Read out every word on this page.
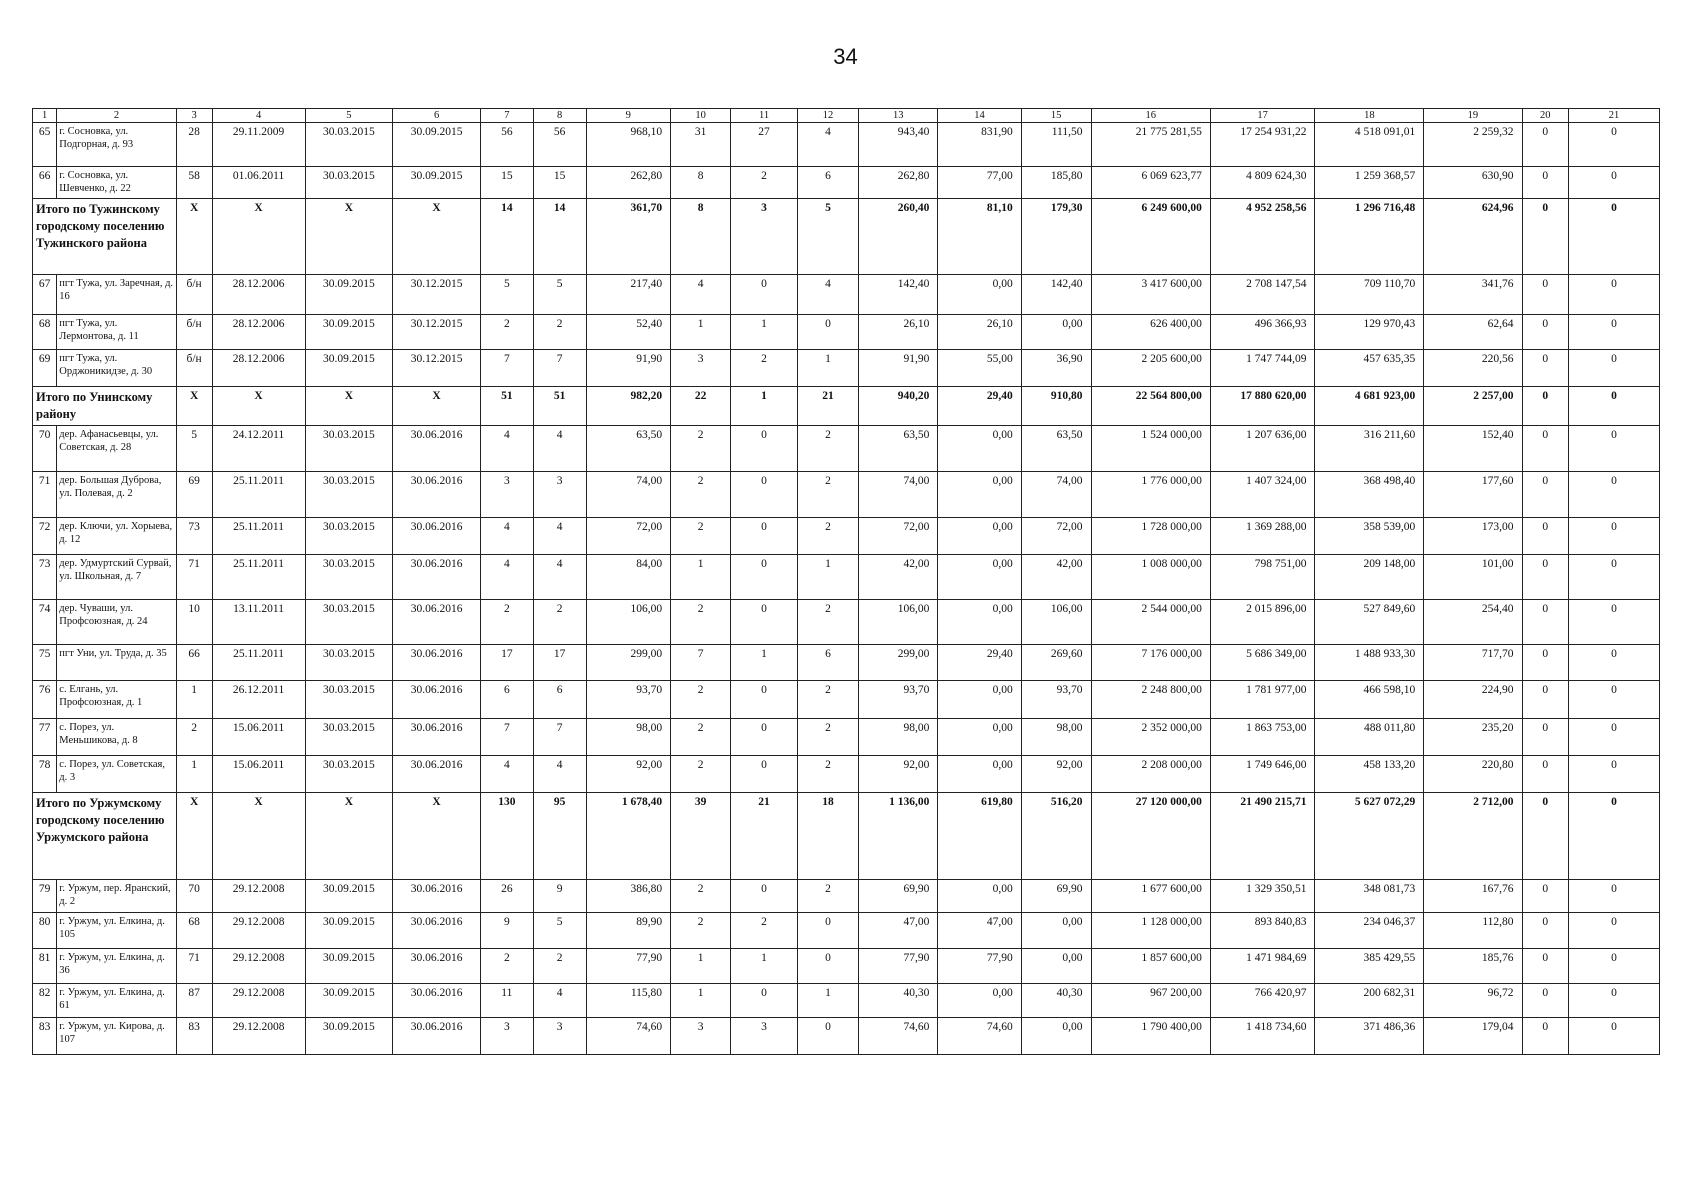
34
1	2	3	4	5	6	7	8	9	10	11	12	13	14	15	16	17	18	19	20	21
65	г. Сосновка, ул. Подгорная, д. 93	28	29.11.2009	30.03.2015	30.09.2015	56	56	968,10	31	27	4	943,40	831,90	111,50	21 775 281,55	17 254 931,22	4 518 091,01	2 259,32	0	0
66	г. Сосновка, ул. Шевченко, д. 22	58	01.06.2011	30.03.2015	30.09.2015	15	15	262,80	8	2	6	262,80	77,00	185,80	6 069 623,77	4 809 624,30	1 259 368,57	630,90	0	0
Итого по Тужинскому городскому поселению Тужинского района		X	X	X	X	14	14	361,70	8	3	5	260,40	81,10	179,30	6 249 600,00	4 952 258,56	1 296 716,48	624,96	0	0
67	пгт Тужа, ул. Заречная, д. 16	б/н	28.12.2006	30.09.2015	30.12.2015	5	5	217,40	4	0	4	142,40	0,00	142,40	3 417 600,00	2 708 147,54	709 110,70	341,76	0	0
68	пгт Тужа, ул. Лермонтова, д. 11	б/н	28.12.2006	30.09.2015	30.12.2015	2	2	52,40	1	1	0	26,10	26,10	0,00	626 400,00	496 366,93	129 970,43	62,64	0	0
69	пгт Тужа, ул. Орджоникидзе, д. 30	б/н	28.12.2006	30.09.2015	30.12.2015	7	7	91,90	3	2	1	91,90	55,00	36,90	2 205 600,00	1 747 744,09	457 635,35	220,56	0	0
Итого по Унинскому району		X	X	X	X	51	51	982,20	22	1	21	940,20	29,40	910,80	22 564 800,00	17 880 620,00	4 681 923,00	2 257,00	0	0
70	дер. Афанасьевцы, ул. Советская, д. 28	5	24.12.2011	30.03.2015	30.06.2016	4	4	63,50	2	0	2	63,50	0,00	63,50	1 524 000,00	1 207 636,00	316 211,60	152,40	0	0
71	дер. Большая Дуброва, ул. Полевая, д. 2	69	25.11.2011	30.03.2015	30.06.2016	3	3	74,00	2	0	2	74,00	0,00	74,00	1 776 000,00	1 407 324,00	368 498,40	177,60	0	0
72	дер. Ключи, ул. Хорыева, д. 12	73	25.11.2011	30.03.2015	30.06.2016	4	4	72,00	2	0	2	72,00	0,00	72,00	1 728 000,00	1 369 288,00	358 539,00	173,00	0	0
73	дер. Удмуртский Сурвай, ул. Школьная, д. 7	71	25.11.2011	30.03.2015	30.06.2016	4	4	84,00	1	0	1	42,00	0,00	42,00	1 008 000,00	798 751,00	209 148,00	101,00	0	0
74	дер. Чуваши, ул. Профсоюзная, д. 24	10	13.11.2011	30.03.2015	30.06.2016	2	2	106,00	2	0	2	106,00	0,00	106,00	2 544 000,00	2 015 896,00	527 849,60	254,40	0	0
75	пгт Уни, ул. Труда, д. 35	66	25.11.2011	30.03.2015	30.06.2016	17	17	299,00	7	1	6	299,00	29,40	269,60	7 176 000,00	5 686 349,00	1 488 933,30	717,70	0	0
76	с. Елгань, ул. Профсоюзная, д. 1	1	26.12.2011	30.03.2015	30.06.2016	6	6	93,70	2	0	2	93,70	0,00	93,70	2 248 800,00	1 781 977,00	466 598,10	224,90	0	0
77	с. Порез, ул. Меньшикова, д. 8	2	15.06.2011	30.03.2015	30.06.2016	7	7	98,00	2	0	2	98,00	0,00	98,00	2 352 000,00	1 863 753,00	488 011,80	235,20	0	0
78	с. Порез, ул. Советская, д. 3	1	15.06.2011	30.03.2015	30.06.2016	4	4	92,00	2	0	2	92,00	0,00	92,00	2 208 000,00	1 749 646,00	458 133,20	220,80	0	0
Итого по Уржумскому городскому поселению Уржумского района		X	X	X	X	130	95	1 678,40	39	21	18	1 136,00	619,80	516,20	27 120 000,00	21 490 215,71	5 627 072,29	2 712,00	0	0
79	г. Уржум, пер. Яранский, д. 2	70	29.12.2008	30.09.2015	30.06.2016	26	9	386,80	2	0	2	69,90	0,00	69,90	1 677 600,00	1 329 350,51	348 081,73	167,76	0	0
80	г. Уржум, ул. Елкина, д. 105	68	29.12.2008	30.09.2015	30.06.2016	9	5	89,90	2	2	0	47,00	47,00	0,00	1 128 000,00	893 840,83	234 046,37	112,80	0	0
81	г. Уржум, ул. Елкина, д. 36	71	29.12.2008	30.09.2015	30.06.2016	2	2	77,90	1	1	0	77,90	77,90	0,00	1 857 600,00	1 471 984,69	385 429,55	185,76	0	0
82	г. Уржум, ул. Елкина, д. 61	87	29.12.2008	30.09.2015	30.06.2016	11	4	115,80	1	0	1	40,30	0,00	40,30	967 200,00	766 420,97	200 682,31	96,72	0	0
83	г. Уржум, ул. Кирова, д. 107	83	29.12.2008	30.09.2015	30.06.2016	3	3	74,60	3	3	0	74,60	74,60	0,00	1 790 400,00	1 418 734,60	371 486,36	179,04	0	0
